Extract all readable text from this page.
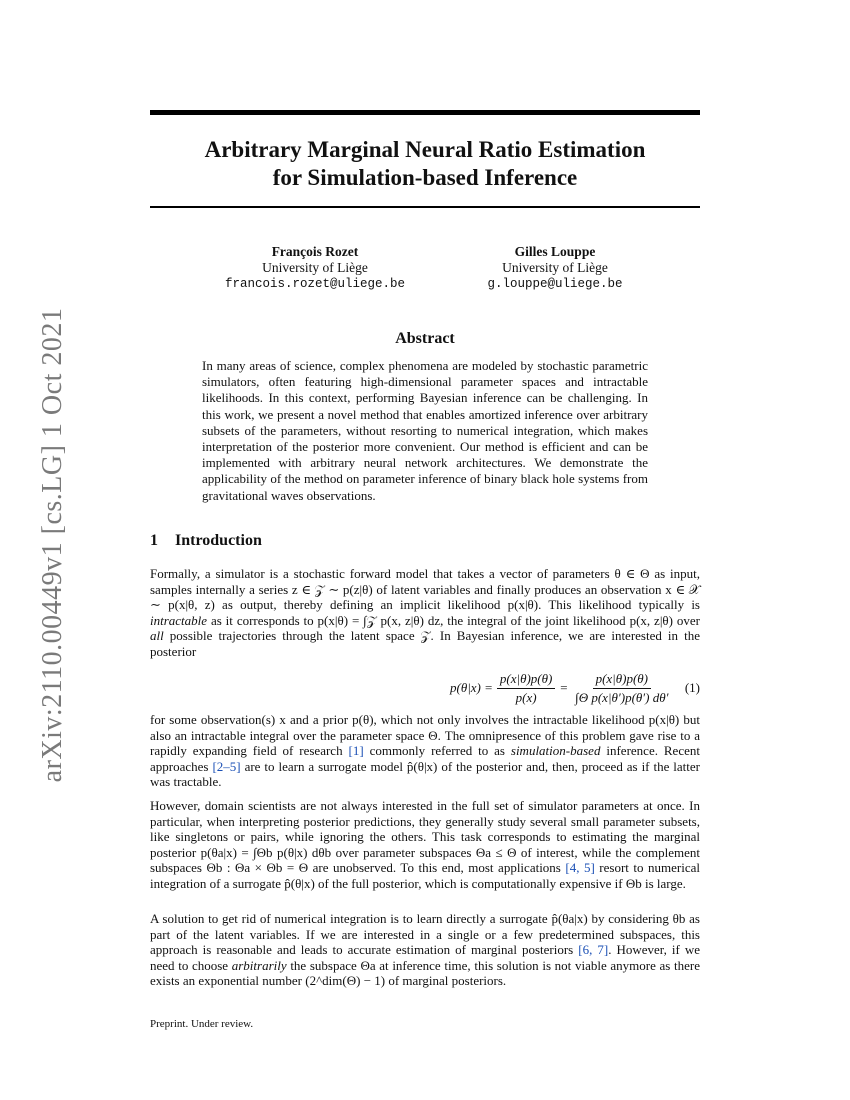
arXiv:2110.00449v1 [cs.LG] 1 Oct 2021
Arbitrary Marginal Neural Ratio Estimation
for Simulation-based Inference
François Rozet
University of Liège
francois.rozet@uliege.be
Gilles Louppe
University of Liège
g.louppe@uliege.be
Abstract

In many areas of science, complex phenomena are modeled by stochastic parametric simulators, often featuring high-dimensional parameter spaces and intractable likelihoods. In this context, performing Bayesian inference can be challenging. In this work, we present a novel method that enables amortized inference over arbitrary subsets of the parameters, without resorting to numerical integration, which makes interpretation of the posterior more convenient. Our method is efficient and can be implemented with arbitrary neural network architectures. We demonstrate the applicability of the method on parameter inference of binary black hole systems from gravitational waves observations.

1 Introduction

Formally, a simulator is a stochastic forward model that takes a vector of parameters θ ∈ Θ as input, samples internally a series z ∈ 𝒵 ∼ p(z|θ) of latent variables and finally produces an observation x ∈ 𝒳 ∼ p(x|θ, z) as output, thereby defining an implicit likelihood p(x|θ). This likelihood typically is intractable as it corresponds to p(x|θ) = ∫𝒵 p(x, z|θ) dz, the integral of the joint likelihood p(x, z|θ) over all possible trajectories through the latent space 𝒵. In Bayesian inference, we are interested in the posterior

$p(\theta|x) = \frac{p(x|\theta)p(\theta)}{p(x)} = \frac{p(x|\theta)p(\theta)}{\text{∫Θ p(x|θ′)p(θ′) dθ′}} (1)$

for some observation(s) x and a prior p(θ), which not only involves the intractable likelihood p(x|θ) but also an intractable integral over the parameter space Θ. The omnipresence of this problem gave rise to a rapidly expanding field of research [1] commonly referred to as simulation-based inference. Recent approaches [2–5] are to learn a surrogate model p̂(θ|x) of the posterior and, then, proceed as if the latter was tractable.

However, domain scientists are not always interested in the full set of simulator parameters at once. In particular, when interpreting posterior predictions, they generally study several small parameter subsets, like singletons or pairs, while ignoring the others. This task corresponds to estimating the marginal posterior p(θa|x) = ∫Θb p(θ|x) dθb over parameter subspaces Θa ≤ Θ of interest, while the complement subspaces Θb : Θa × Θb = Θ are unobserved. To this end, most applications [4, 5] resort to numerical integration of a surrogate p̂(θ|x) of the full posterior, which is computationally expensive if Θb is large.

A solution to get rid of numerical integration is to learn directly a surrogate p̂(θa|x) by considering θb as part of the latent variables. If we are interested in a single or a few predetermined subspaces, this approach is reasonable and leads to accurate estimation of marginal posteriors [6, 7]. However, if we need to choose arbitrarily the subspace Θa at inference time, this solution is not viable anymore as there exists an exponential number (2^dim(Θ) − 1) of marginal posteriors.

Preprint. Under review.
